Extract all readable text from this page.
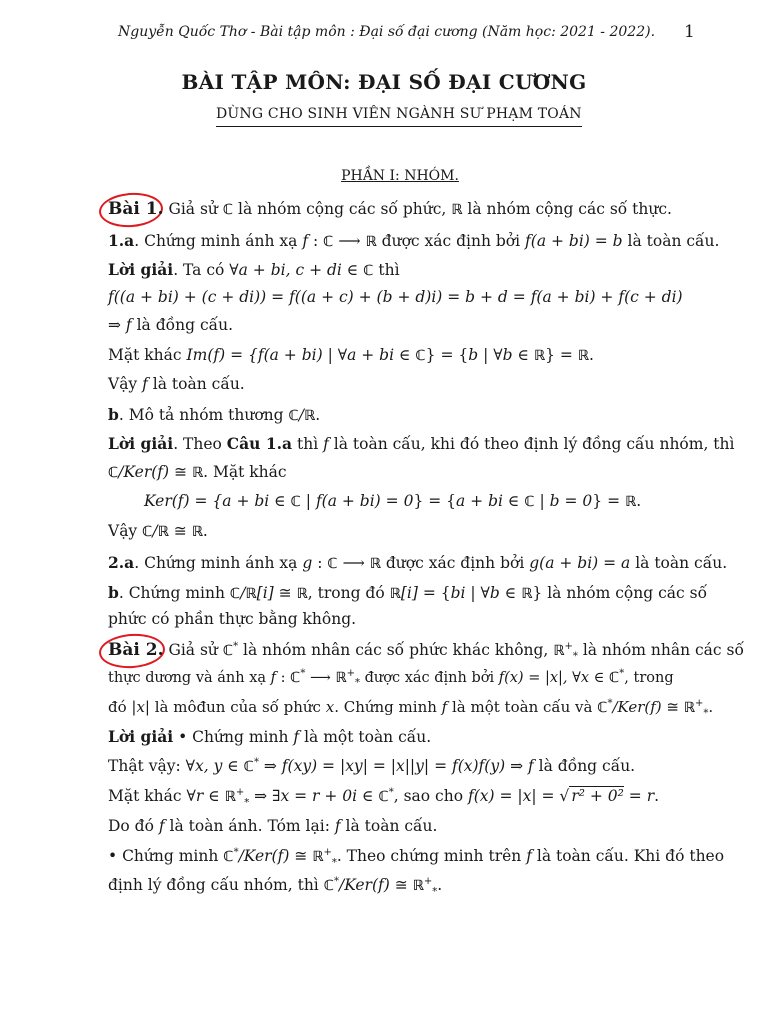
Nguyễn Quốc Thơ - Bài tập môn : Đại số đại cương (Năm học: 2021 - 2022). 1
BÀI TẬP MÔN: ĐẠI SỐ ĐẠI CƯƠNG
DÙNG CHO SINH VIÊN NGÀNH SƯ PHẠM TOÁN
PHẦN I: NHÓM.
Bài 1. Giả sử ℂ là nhóm cộng các số phức, ℝ là nhóm cộng các số thực.
1.a. Chứng minh ánh xạ f : ℂ ⟶ ℝ được xác định bởi f(a + bi) = b là toàn cấu.
Lời giải. Ta có ∀a + bi, c + di ∈ ℂ thì
f((a + bi) + (c + di)) = f((a + c) + (b + d)i) = b + d = f(a + bi) + f(c + di)
⇒ f là đồng cấu.
Mặt khác Im(f) = {f(a + bi) | ∀a + bi ∈ ℂ} = {b | ∀b ∈ ℝ} = ℝ.
Vậy f là toàn cấu.
b. Mô tả nhóm thương ℂ/ℝ.
Lời giải. Theo Câu 1.a thì f là toàn cấu, khi đó theo định lý đồng cấu nhóm, thì
ℂ/Ker(f) ≅ ℝ. Mặt khác
Ker(f) = {a + bi ∈ ℂ | f(a + bi) = 0} = {a + bi ∈ ℂ | b = 0} = ℝ.
Vậy ℂ/ℝ ≅ ℝ.
2.a. Chứng minh ánh xạ g : ℂ ⟶ ℝ được xác định bởi g(a + bi) = a là toàn cấu.
b. Chứng minh ℂ/ℝ[i] ≅ ℝ, trong đó ℝ[i] = {bi | ∀b ∈ ℝ} là nhóm cộng các số
phức có phần thực bằng không.
Bài 2. Giả sử ℂ* là nhóm nhân các số phức khác không, ℝ+$_*$ là nhóm nhân các số
thực dương và ánh xạ f : ℂ* ⟶ ℝ+$_*$ được xác định bởi f(x) = |x|, ∀x ∈ ℂ*, trong
đó |x| là môđun của số phức x. Chứng minh f là một toàn cấu và ℂ*/Ker(f) ≅ ℝ+$_*$.
Lời giải • Chứng minh f là một toàn cấu.
Thật vậy: ∀x, y ∈ ℂ* ⇒ f(xy) = |xy| = |x||y| = f(x)f(y) ⇒ f là đồng cấu.
Mặt khác ∀r ∈ ℝ+$_*$ ⇒ ∃x = r + 0i ∈ ℂ*, sao cho f(x) = |x| = √ r² + 0² = r.
Do đó f là toàn ánh. Tóm lại: f là toàn cấu.
• Chứng minh ℂ*/Ker(f) ≅ ℝ+$_*$. Theo chứng minh trên f là toàn cấu. Khi đó theo
định lý đồng cấu nhóm, thì ℂ*/Ker(f) ≅ ℝ+$_*$.
